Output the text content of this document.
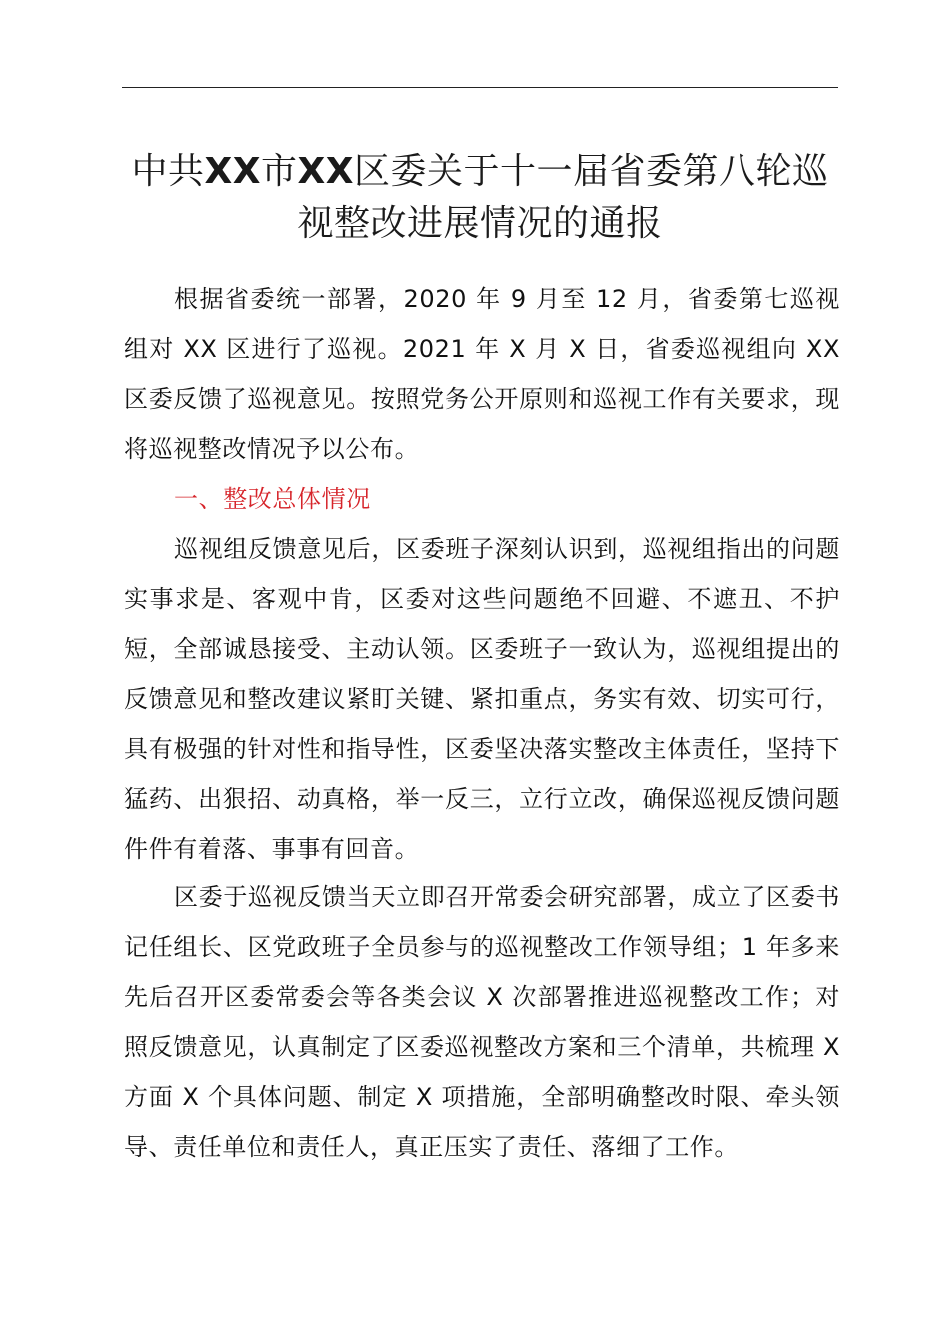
中共XX市XX区委关于十一届省委第八轮巡
视整改进展情况的通报

根据省委统一部署，2020 年 9 月至 12 月，省委第七巡视组对 XX 区进行了巡视。2021 年 X 月 X 日，省委巡视组向 XX 区委反馈了巡视意见。按照党务公开原则和巡视工作有关要求，现将巡视整改情况予以公布。

一、整改总体情况

巡视组反馈意见后，区委班子深刻认识到，巡视组指出的问题实事求是、客观中肯，区委对这些问题绝不回避、不遮丑、不护短，全部诚恳接受、主动认领。区委班子一致认为，巡视组提出的反馈意见和整改建议紧盯关键、紧扣重点，务实有效、切实可行，具有极强的针对性和指导性，区委坚决落实整改主体责任，坚持下猛药、出狠招、动真格，举一反三，立行立改，确保巡视反馈问题件件有着落、事事有回音。

区委于巡视反馈当天立即召开常委会研究部署，成立了区委书记任组长、区党政班子全员参与的巡视整改工作领导组；1 年多来先后召开区委常委会等各类会议 X 次部署推进巡视整改工作；对照反馈意见，认真制定了区委巡视整改方案和三个清单，共梳理 X 方面 X 个具体问题、制定 X 项措施，全部明确整改时限、牵头领导、责任单位和责任人，真正压实了责任、落细了工作。
